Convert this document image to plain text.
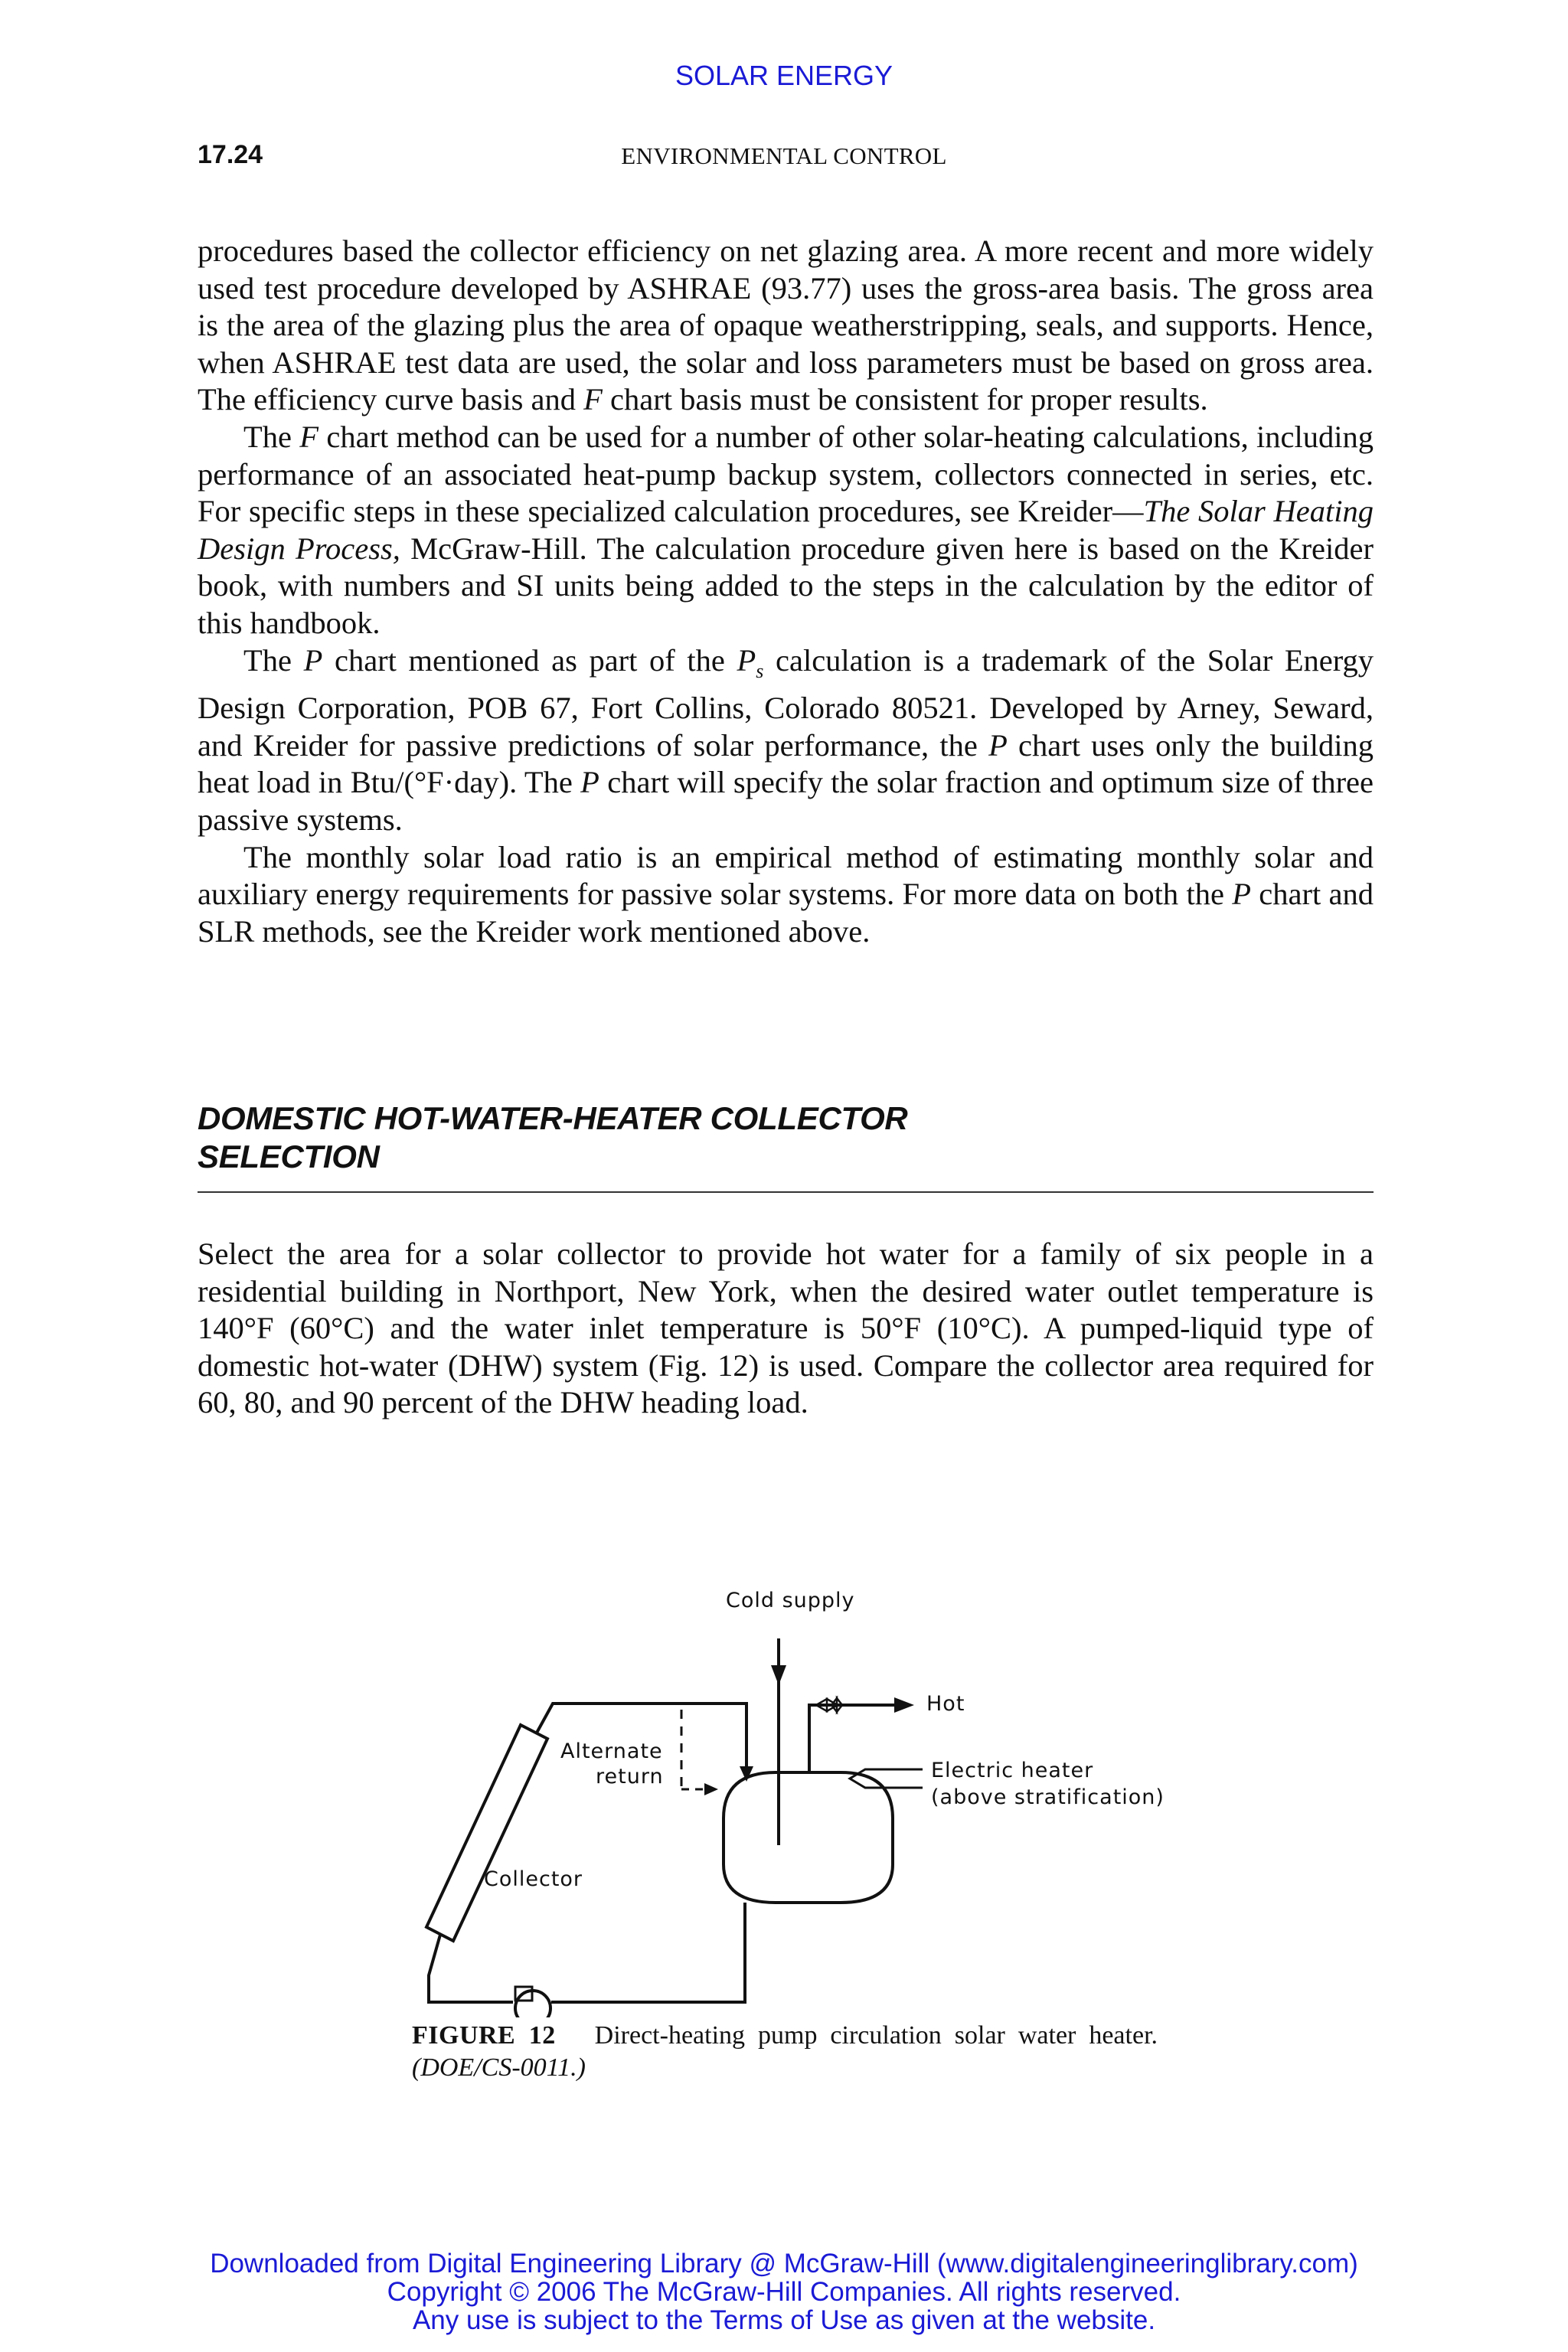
SOLAR ENERGY
17.24	ENVIRONMENTAL CONTROL

procedures based the collector efficiency on net glazing area. A more recent and more widely used test procedure developed by ASHRAE (93.77) uses the gross-area basis. The gross area is the area of the glazing plus the area of opaque weatherstripping, seals, and supports. Hence, when ASHRAE test data are used, the solar and loss parameters must be based on gross area. The efficiency curve basis and F chart basis must be consistent for proper results.

The F chart method can be used for a number of other solar-heating calculations, including performance of an associated heat-pump backup system, collectors connected in series, etc. For specific steps in these specialized calculation procedures, see Kreider—The Solar Heating Design Process, McGraw-Hill. The calculation procedure given here is based on the Kreider book, with numbers and SI units being added to the steps in the calculation by the editor of this handbook.

The P chart mentioned as part of the $P_s$ calculation is a trademark of the Solar Energy Design Corporation, POB 67, Fort Collins, Colorado 80521. Developed by Arney, Seward, and Kreider for passive predictions of solar performance, the P chart uses only the building heat load in Btu/(°F·day). The P chart will specify the solar fraction and optimum size of three passive systems.

The monthly solar load ratio is an empirical method of estimating monthly solar and auxiliary energy requirements for passive solar systems. For more data on both the P chart and SLR methods, see the Kreider work mentioned above.

DOMESTIC HOT-WATER-HEATER COLLECTOR
SELECTION

Select the area for a solar collector to provide hot water for a family of six people in a residential building in Northport, New York, when the desired water outlet temperature is 140°F (60°C) and the water inlet temperature is 50°F (10°C). A pumped-liquid type of domestic hot-water (DHW) system (Fig. 12) is used. Compare the collector area required for 60, 80, and 90 percent of the DHW heading load.

Cold supply
Hot
Alternate
return	Electric heater
(above stratification)
Collector
FIGURE 12 Direct-heating pump circulation solar water heater. (DOE/CS-0011.)
Downloaded from Digital Engineering Library @ McGraw-Hill (www.digitalengineeringlibrary.com)
Copyright © 2006 The McGraw-Hill Companies. All rights reserved.
Any use is subject to the Terms of Use as given at the website.
